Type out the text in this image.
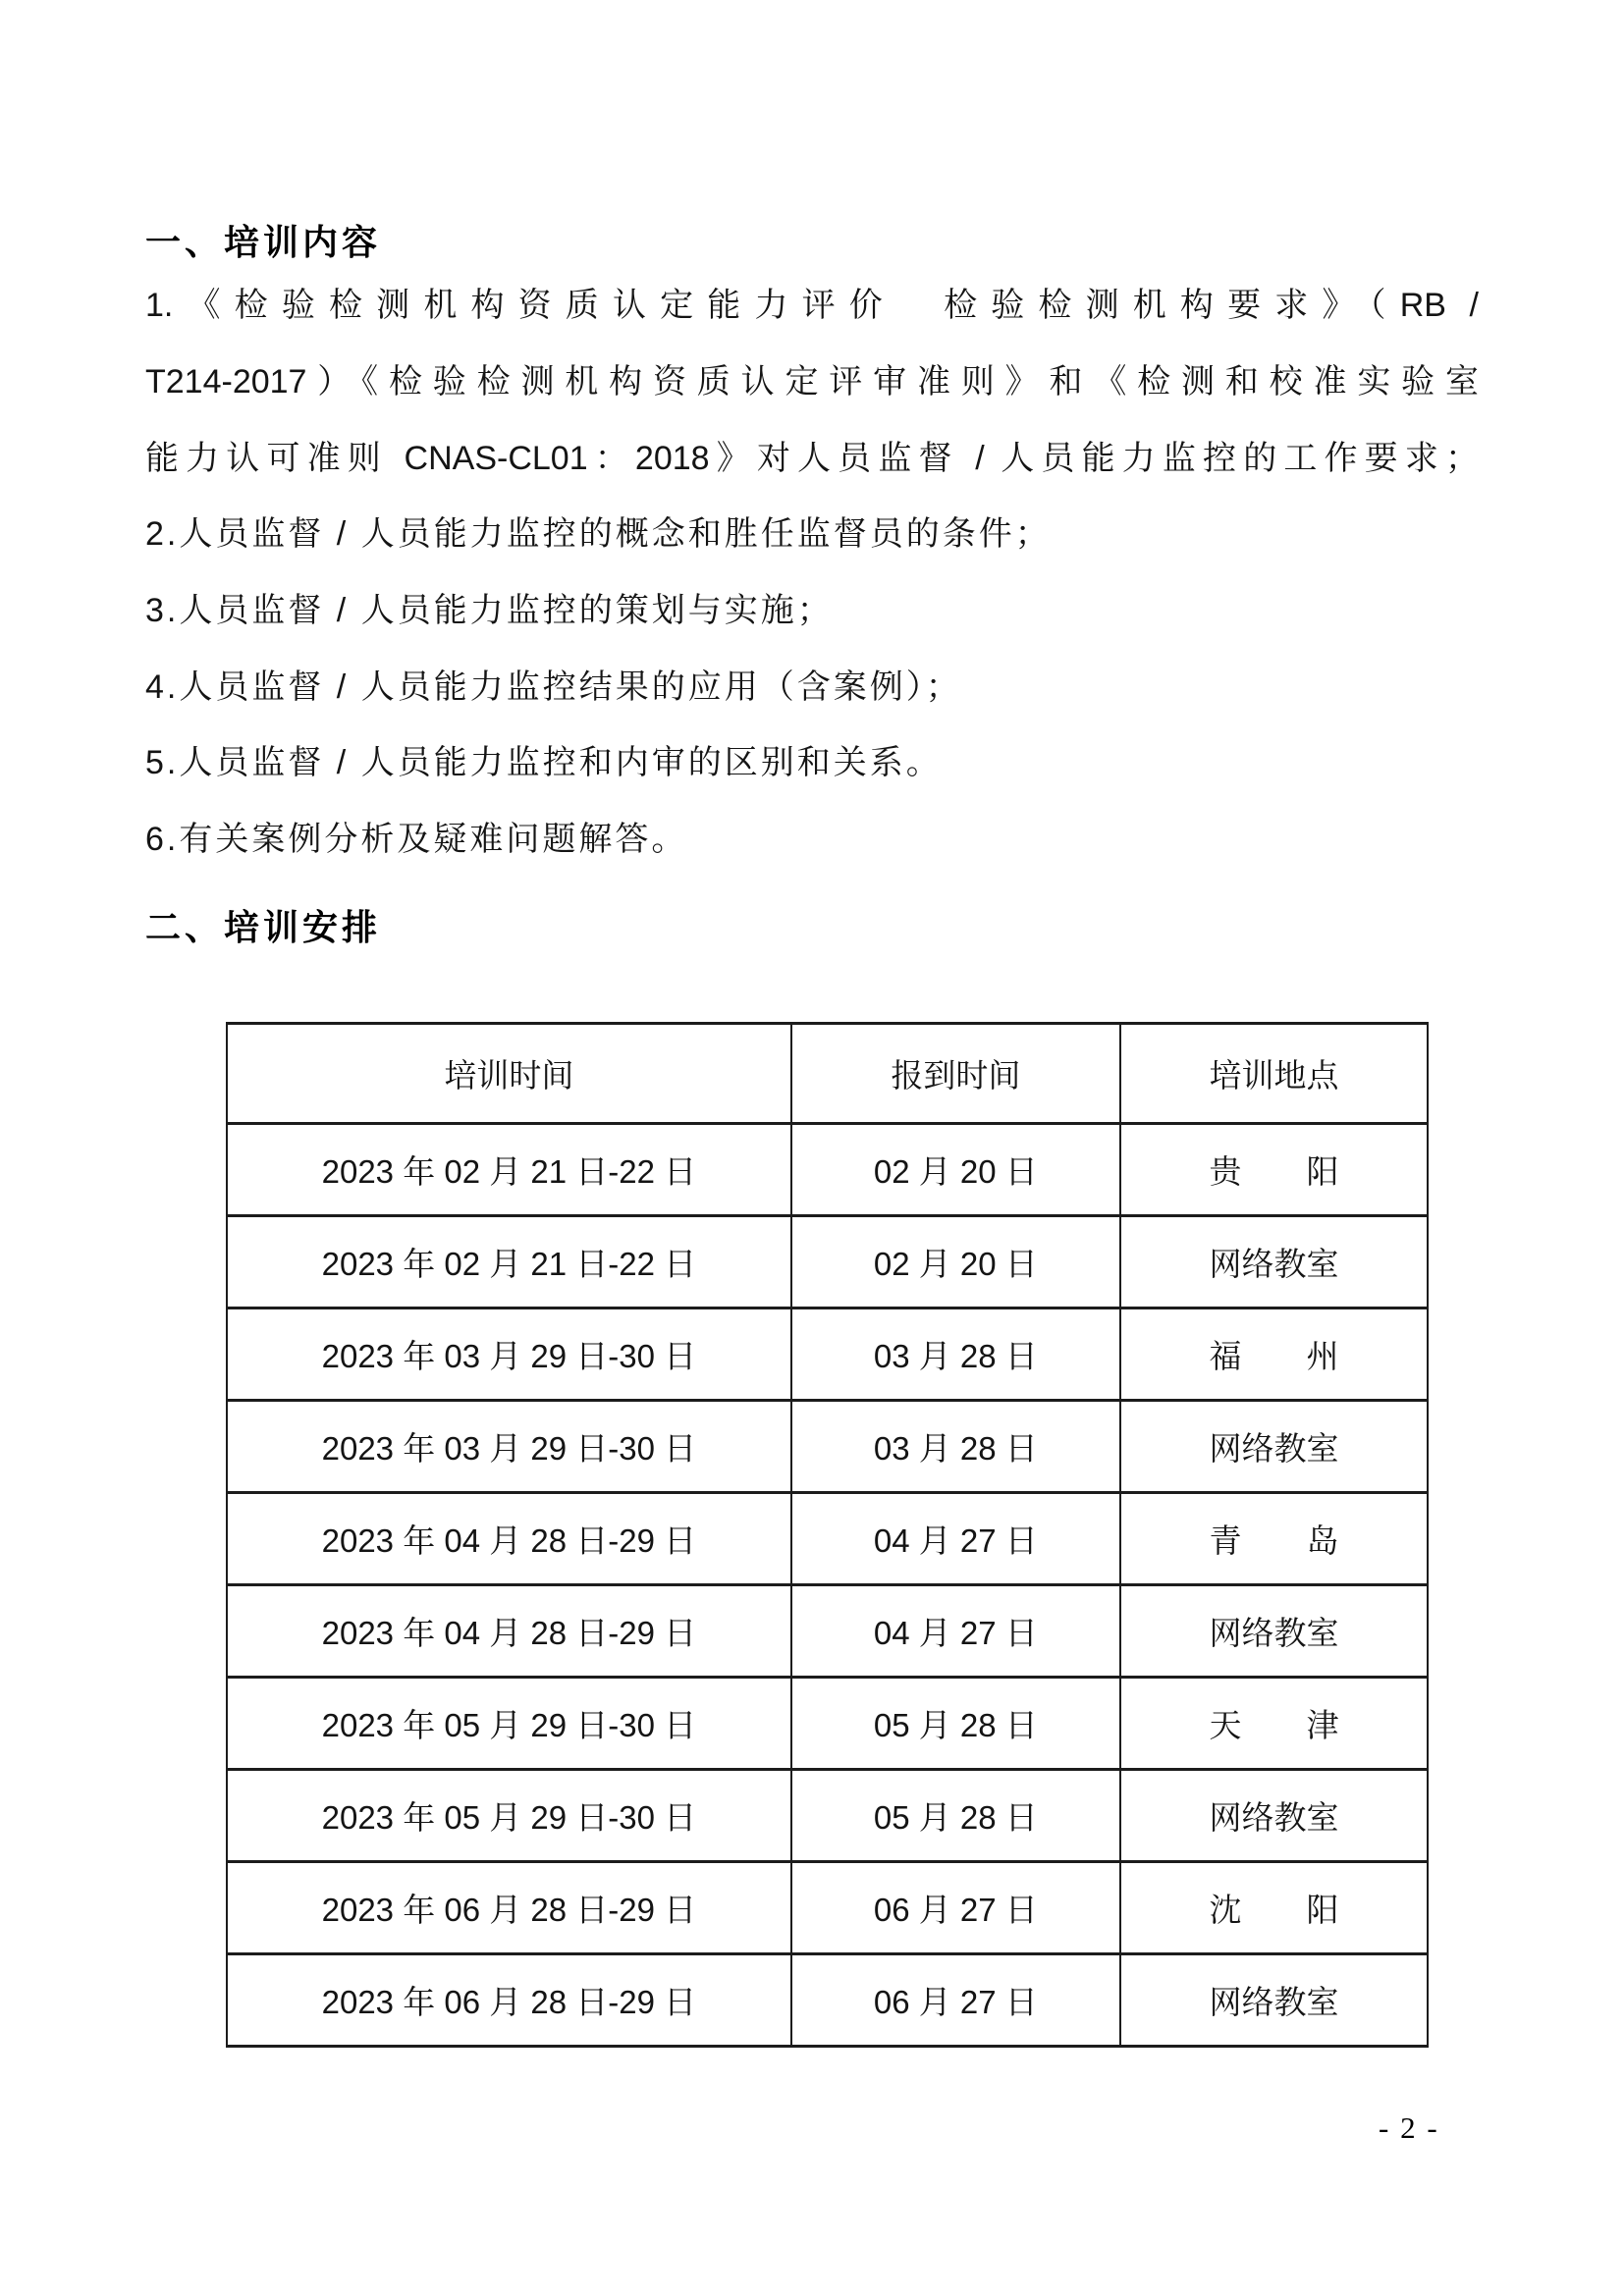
一、培训内容
1.《检验检测机构资质认定能力评价　检验检测机构要求》（RB /
T214-2017）《检验检测机构资质认定评审准则》和《检测和校准实验室
能力认可准则 CNAS-CL01：2018》对人员监督 / 人员能力监控的工作要求；
2.人员监督 / 人员能力监控的概念和胜任监督员的条件；
3.人员监督 / 人员能力监控的策划与实施；
4.人员监督 / 人员能力监控结果的应用（含案例）；
5.人员监督 / 人员能力监控和内审的区别和关系。
6.有关案例分析及疑难问题解答。
二、培训安排
培训时间	报到时间	培训地点
2023 年 02 月 21 日-22 日	02 月 20 日	贵　　阳
2023 年 02 月 21 日-22 日	02 月 20 日	网络教室
2023 年 03 月 29 日-30 日	03 月 28 日	福　　州
2023 年 03 月 29 日-30 日	03 月 28 日	网络教室
2023 年 04 月 28 日-29 日	04 月 27 日	青　　岛
2023 年 04 月 28 日-29 日	04 月 27 日	网络教室
2023 年 05 月 29 日-30 日	05 月 28 日	天　　津
2023 年 05 月 29 日-30 日	05 月 28 日	网络教室
2023 年 06 月 28 日-29 日	06 月 27 日	沈　　阳
2023 年 06 月 28 日-29 日	06 月 27 日	网络教室
- 2 -
